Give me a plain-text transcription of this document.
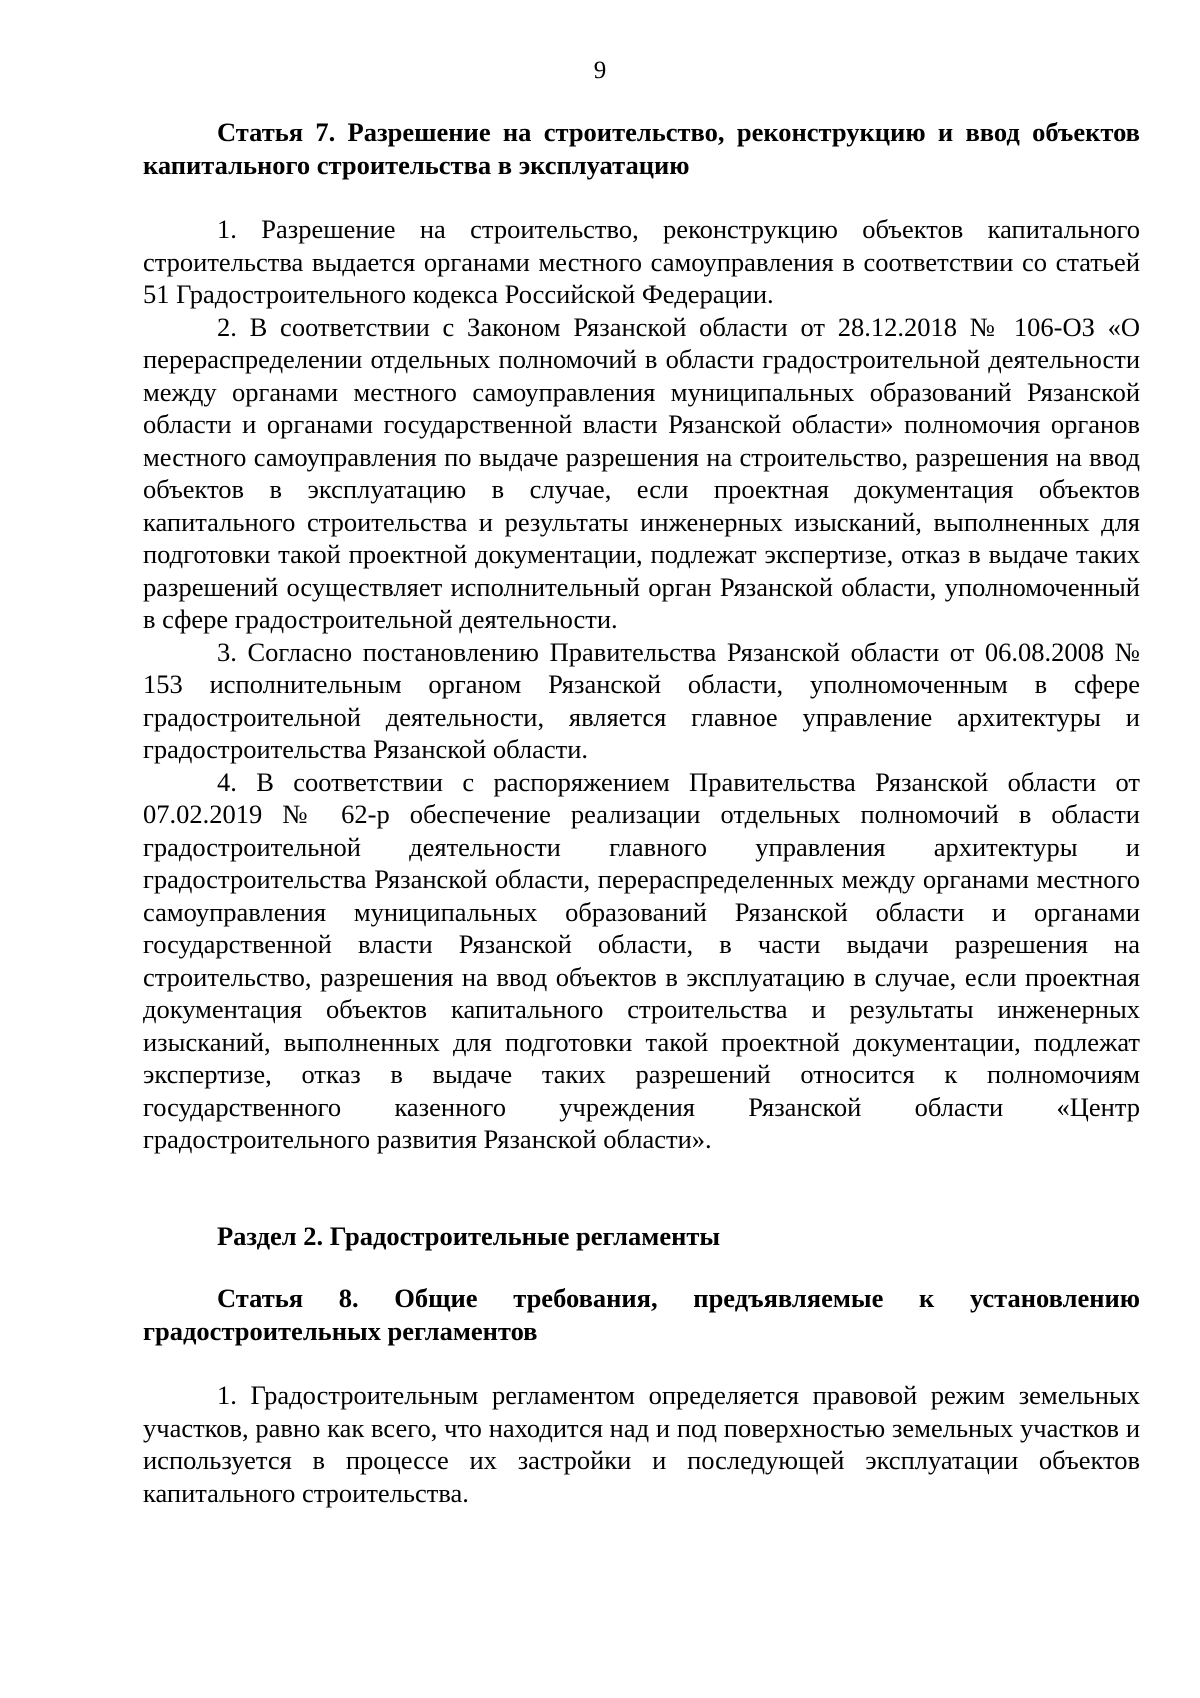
9

Статья 7. Разрешение на строительство, реконструкцию и ввод объектов капитального строительства в эксплуатацию

1. Разрешение на строительство, реконструкцию объектов капитального строительства выдается органами местного самоуправления в соответствии со статьей 51 Градостроительного кодекса Российской Федерации.

2. В соответствии с Законом Рязанской области от 28.12.2018 № 106-ОЗ «О перераспределении отдельных полномочий в области градостроительной деятельности между органами местного самоуправления муниципальных образований Рязанской области и органами государственной власти Рязанской области» полномочия органов местного самоуправления по выдаче разрешения на строительство, разрешения на ввод объектов в эксплуатацию в случае, если проектная документация объектов капитального строительства и результаты инженерных изысканий, выполненных для подготовки такой проектной документации, подлежат экспертизе, отказ в выдаче таких разрешений осуществляет исполнительный орган Рязанской области, уполномоченный в сфере градостроительной деятельности.

3. Согласно постановлению Правительства Рязанской области от 06.08.2008 № 153 исполнительным органом Рязанской области, уполномоченным в сфере градостроительной деятельности, является главное управление архитектуры и градостроительства Рязанской области.

4. В соответствии с распоряжением Правительства Рязанской области от 07.02.2019 № 62-р обеспечение реализации отдельных полномочий в области градостроительной деятельности главного управления архитектуры и градостроительства Рязанской области, перераспределенных между органами местного самоуправления муниципальных образований Рязанской области и органами государственной власти Рязанской области, в части выдачи разрешения на строительство, разрешения на ввод объектов в эксплуатацию в случае, если проектная документация объектов капитального строительства и результаты инженерных изысканий, выполненных для подготовки такой проектной документации, подлежат экспертизе, отказ в выдаче таких разрешений относится к полномочиям государственного казенного учреждения Рязанской области «Центр градостроительного развития Рязанской области».

Раздел 2. Градостроительные регламенты

Статья 8. Общие требования, предъявляемые к установлению градостроительных регламентов

1. Градостроительным регламентом определяется правовой режим земельных участков, равно как всего, что находится над и под поверхностью земельных участков и используется в процессе их застройки и последующей эксплуатации объектов капитального строительства.
